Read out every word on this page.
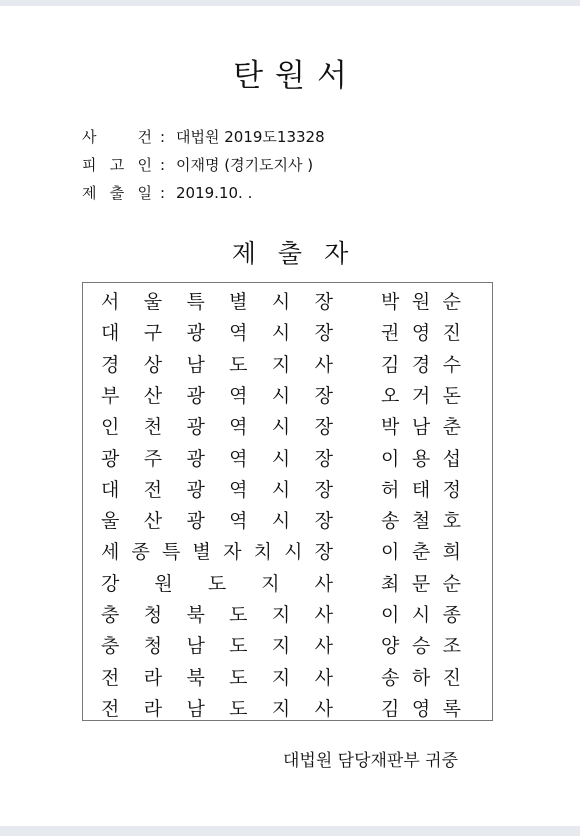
탄원서
사	건 : 대법원 2019도13328
피 고 인 : 이재명 (경기도지사 )
제 출 일 : 2019.10. .
제출자
서 울 특 별 시 장	박 원 순
대 구 광 역 시 장	권 영 진
경 상 남 도 지 사	김 경 수
부 산 광 역 시 장	오 거 돈
인 천 광 역 시 장	박 남 춘
광 주 광 역 시 장	이 용 섭
대 전 광 역 시 장	허 태 정
울 산 광 역 시 장	송 철 호
세 종 특 별 자 치 시 장	이 춘 희
강 원 도 지 사	최 문 순
충 청 북 도 지 사	이 시 종
충 청 남 도 지 사	양 승 조
전 라 북 도 지 사	송 하 진
전 라 남 도 지 사	김 영 록
대법원 담당재판부 귀중
